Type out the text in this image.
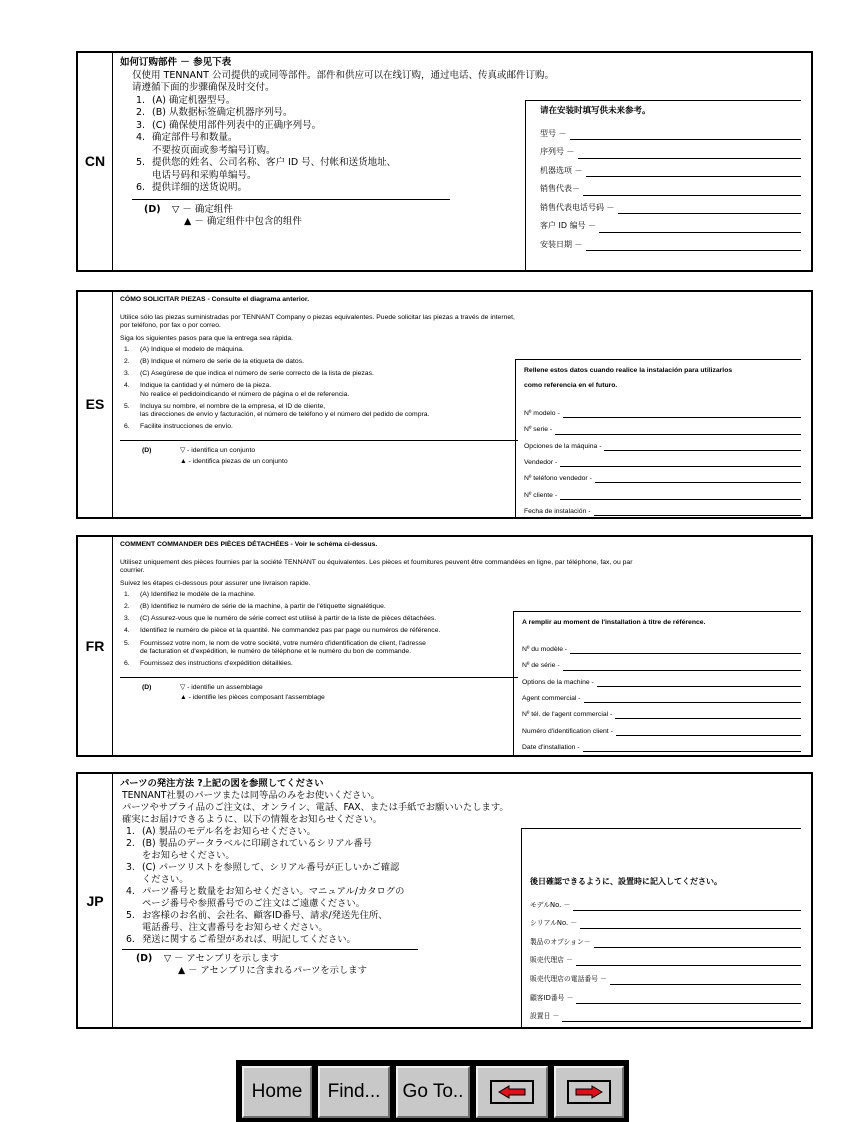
CN
如何订购部件 － 参见下表
仅使用 TENNANT 公司提供的或同等部件。部件和供应可以在线订购，通过电话、传真或邮件订购。
请遵循下面的步骤确保及时交付。
1. (A) 确定机器型号。
2. (B) 从数据标签确定机器序列号。
3. (C) 确保使用部件列表中的正确序列号。
4. 确定部件号和数量。
不要按页面或参考编号订购。
5. 提供您的姓名、公司名称、客户 ID 号、付帐和送货地址、
电话号码和采购单编号。
6. 提供详细的送货说明。
(D)	▽ － 确定组件
▲ － 确定组件中包含的组件
请在安装时填写供未来参考。
型号 －
序列号 －
机器选项 －
销售代表－
销售代表电话号码 －
客户 ID 编号 －
安装日期 －
ES
CÓMO SOLICITAR PIEZAS - Consulte el diagrama anterior.
Utilice sólo las piezas suministradas por TENNANT Company o piezas equivalentes. Puede solicitar las piezas a través de internet,
por teléfono, por fax o por correo.
Siga los siguientes pasos para que la entrega sea rápida.
1.	(A) Indique el modelo de máquina.
2.	(B) Indique el número de serie de la etiqueta de datos.
3.	(C) Asegúrese de que indica el número de serie correcto de la lista de piezas.
4.	Indique la cantidad y el número de la pieza.
No realice el pedidoindicando el número de página o el de referencia.
5.	Incluya su nombre, el nombre de la empresa, el ID de cliente,
las direcciones de envío y facturación, el número de teléfono y el número del pedido de compra.
6.	Facilite instrucciones de envío.
(D)	▽ - identifica un conjunto
▲ - identifica piezas de un conjunto
Rellene estos datos cuando realice la instalación para utilizarlos
como referencia en el futuro.
Nº modelo -
Nº serie -
Opciones de la máquina -
Vendedor -
Nº teléfono vendedor -
Nº cliente -
Fecha de instalación -
FR
COMMENT COMMANDER DES PIÈCES DÉTACHÉES - Voir le schéma ci-dessus.
Utilisez uniquement des pièces fournies par la société TENNANT ou équivalentes. Les pièces et fournitures peuvent être commandées en ligne, par téléphone, fax, ou par
courrier.
Suivez les étapes ci-dessous pour assurer une livraison rapide.
1.	(A) Identifiez le modèle de la machine.
2.	(B) Identifiez le numéro de série de la machine, à partir de l'étiquette signalétique.
3.	(C) Assurez-vous que le numéro de série correct est utilisé à partir de la liste de pièces détachées.
4.	Identifiez le numéro de pièce et la quantité. Ne commandez pas par page ou numéros de référence.
5.	Fournissez votre nom, le nom de votre société, votre numéro d'identification de client, l'adresse
de facturation et d'expédition, le numéro de téléphone et le numéro du bon de commande.
6.	Fournissez des instructions d'expédition détaillées.
(D)	▽ - identifie un assemblage
▲ - identifie les pièces composant l'assemblage
A remplir au moment de l'installation à titre de référence.
Nº du modèle -
Nº de série -
Options de la machine -
Agent commercial -
Nº tél. de l'agent commercial -
Numéro d'identification client -
Date d'installation -
JP
パーツの発注方法 ?上記の図を参照してください
TENNANT社製のパーツまたは同等品のみをお使いください。
パーツやサプライ品のご注文は、オンライン、電話、FAX、または手紙でお願いいたします。
確実にお届けできるように、以下の情報をお知らせください。
1. (A) 製品のモデル名をお知らせください。
2. (B) 製品のデータラベルに印刷されているシリアル番号
をお知らせください。
3. (C) パーツリストを参照して、シリアル番号が正しいかご確認
ください。
4. パーツ番号と数量をお知らせください。マニュアル/カタログの
ページ番号や参照番号でのご注文はご遠慮ください。
5. お客様のお名前、会社名、顧客ID番号、請求/発送先住所、
電話番号、注文書番号をお知らせください。
6. 発送に関するご希望があれば、明記してください。
(D)	▽ － アセンブリを示します
▲ － アセンブリに含まれるパーツを示します
後日確認できるように、設置時に記入してください。
モデルNo. －
シリアルNo. －
製品のオプション－
販売代理店 －
販売代理店の電話番号 －
顧客ID番号 －
設置日 －
Home	Find...	Go To..
